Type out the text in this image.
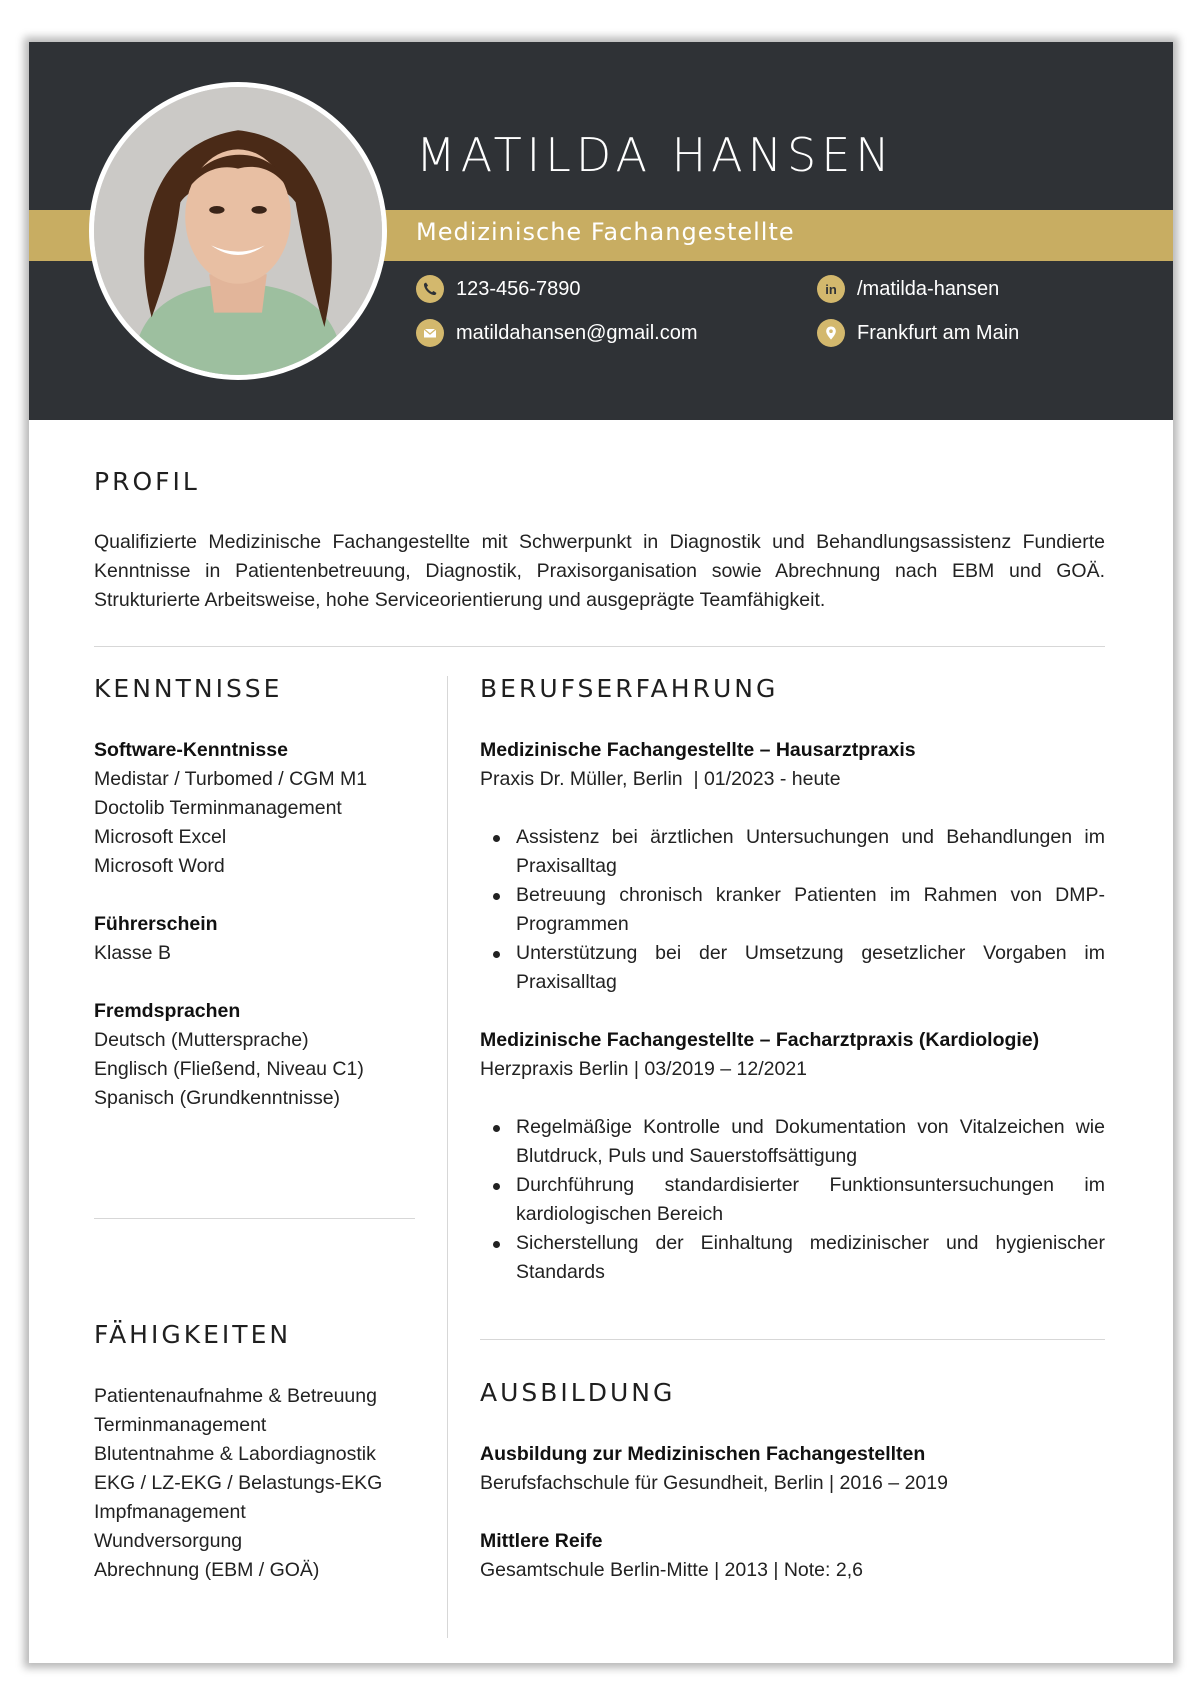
MATILDA HANSEN
Medizinische Fachangestellte
123-456-7890
matildahansen@gmail.com
in	/matilda-hansen
Frankfurt am Main
PROFIL
Qualifizierte Medizinische Fachangestellte mit Schwerpunkt in Diagnostik und Behandlungsassistenz Fundierte Kenntnisse in Patientenbetreuung, Diagnostik, Praxisorganisation sowie Abrechnung nach EBM und GOÄ. Strukturierte Arbeitsweise, hohe Serviceorientierung und ausgeprägte Teamfähigkeit.
KENNTNISSE
Software-Kenntnisse
Medistar / Turbomed / CGM M1
Doctolib Terminmanagement
Microsoft Excel
Microsoft Word
Führerschein
Klasse B
Fremdsprachen
Deutsch (Muttersprache)
Englisch (Fließend, Niveau C1)
Spanisch (Grundkenntnisse)
FÄHIGKEITEN
Patientenaufnahme & Betreuung
Terminmanagement
Blutentnahme & Labordiagnostik
EKG / LZ-EKG / Belastungs-EKG
Impfmanagement
Wundversorgung
Abrechnung (EBM / GOÄ)
BERUFSERFAHRUNG
Medizinische Fachangestellte – Hausarztpraxis
Praxis Dr. Müller, Berlin  | 01/2023 - heute
Assistenz bei ärztlichen Untersuchungen und Behandlungen im Praxisalltag
Betreuung chronisch kranker Patienten im Rahmen von DMP-Programmen
Unterstützung bei der Umsetzung gesetzlicher Vorgaben im Praxisalltag
Medizinische Fachangestellte – Facharztpraxis (Kardiologie)
Herzpraxis Berlin | 03/2019 – 12/2021
Regelmäßige Kontrolle und Dokumentation von Vitalzeichen wie Blutdruck, Puls und Sauerstoffsättigung
Durchführung standardisierter Funktionsuntersuchungen im kardiologischen Bereich
Sicherstellung der Einhaltung medizinischer und hygienischer Standards
AUSBILDUNG
Ausbildung zur Medizinischen Fachangestellten
Berufsfachschule für Gesundheit, Berlin | 2016 – 2019
Mittlere Reife
Gesamtschule Berlin-Mitte | 2013 | Note: 2,6
